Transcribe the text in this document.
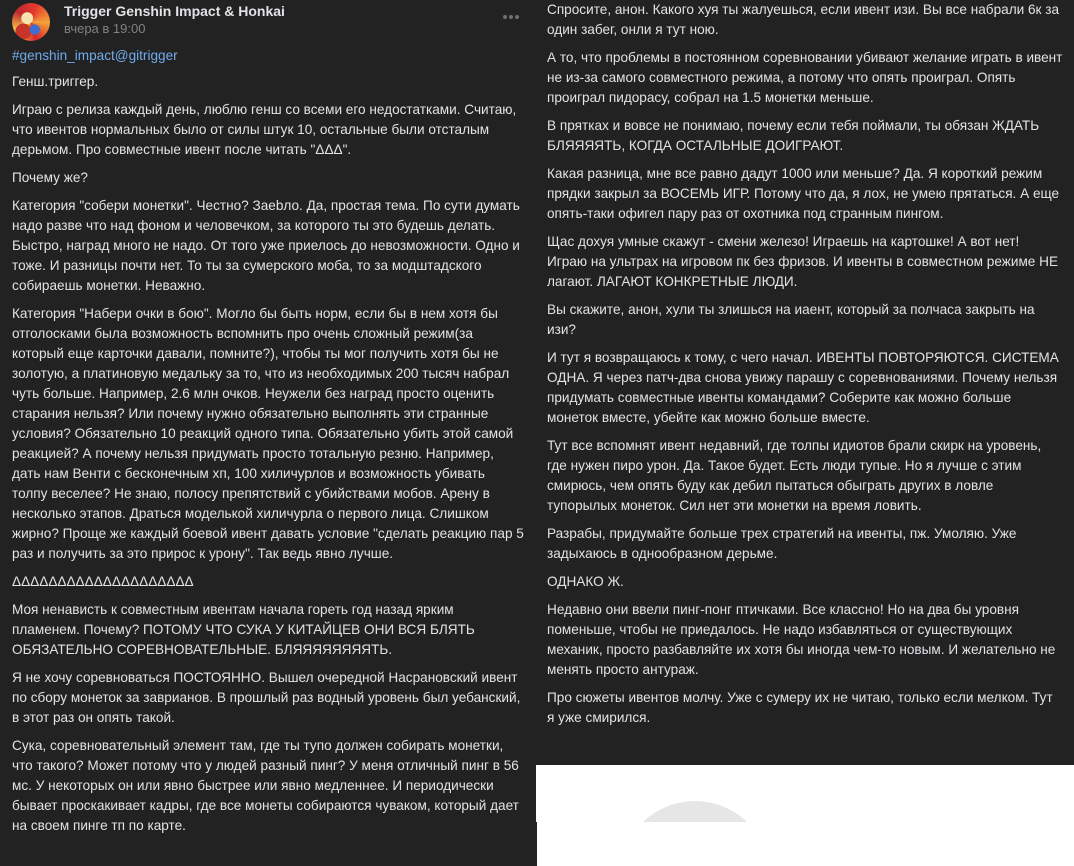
Trigger Genshin Impact & Honkai
вчера в 19:00

#genshin_impact@gitrigger

Генш.триггер.

Играю с релиза каждый день, люблю генш со всеми его недостатками. Считаю, что ивентов нормальных было от силы штук 10, остальные были отсталым дерьмом. Про совместные ивент после читать "ΔΔΔ".

Почему же?

Категория "собери монетки". Честно? Заebло. Да, простая тема. По сути думать надо разве что над фоном и человечком, за которого ты это будешь делать. Быстро, наград много не надо. От того уже приелось до невозможности. Одно и тоже. И разницы почти нет. То ты за сумерского моба, то за модштадского собираешь монетки. Неважно.

Категория "Набери очки в бою". Могло бы быть норм, если бы в нем хотя бы отголосками была возможность вспомнить про очень сложный режим(за который еще карточки давали, помните?), чтобы ты мог получить хотя бы не золотую, а платиновую медальку за то, что из необходимых 200 тысяч набрал чуть больше. Например, 2.6 млн очков. Неужели без наград просто оценить старания нельзя? Или почему нужно обязательно выполнять эти странные условия? Обязательно 10 реакций одного типа. Обязательно убить этой самой реакцией? А почему нельзя придумать просто тотальную резню. Например, дать нам Венти с бесконечным хп, 100 хиличурлов и возможность убивать толпу веселее? Не знаю, полосу препятствий с убийствами мобов. Арену в несколько этапов. Драться моделькой хиличурла о первого лица. Слишком жирно? Проще же каждый боевой ивент давать условие "сделать реакцию пар 5 раз и получить за это прирос к урону". Так ведь явно лучше.

ΔΔΔΔΔΔΔΔΔΔΔΔΔΔΔΔΔΔΔΔ

Моя ненависть к совместным ивентам начала гореть год назад ярким пламенем. Почему? ПОТОМУ ЧТО СУКА У КИТАЙЦЕВ ОНИ ВСЯ БЛЯТЬ ОБЯЗАТЕЛЬНО СОРЕВНОВАТЕЛЬНЫЕ. БЛЯЯЯЯЯЯЯЯТЬ.

Я не хочу соревноваться ПОСТОЯННО. Вышел очередной Насрановский ивент по сбору монеток за заврианов. В прошлый раз водный уровень был уебанский, в этот раз он опять такой.

Сука, соревновательный элемент там, где ты тупо должен собирать монетки, что такого? Может потому что у людей разный пинг? У меня отличный пинг в 56 мс. У некоторых он или явно быстрее или явно медленнее. И периодически бывает проскакивает кадры, где все монеты собираются чуваком, который дает на своем пинге тп по карте.

Спросите, анон. Какого хуя ты жалуешься, если ивент изи. Вы все набрали 6к за один забег, онли я тут ною.

А то, что проблемы в постоянном соревновании убивают желание играть в ивент не из-за самого совместного режима, а потому что опять проиграл. Опять проиграл пидорасу, собрал на 1.5 монетки меньше.

В прятках и вовсе не понимаю, почему если тебя поймали, ты обязан ЖДАТЬ БЛЯЯЯЯТЬ, КОГДА ОСТАЛЬНЫЕ ДОИГРАЮТ.

Какая разница, мне все равно дадут 1000 или меньше? Да. Я короткий режим прядки закрыл за ВОСЕМЬ ИГР. Потому что да, я лох, не умею прятаться. А еще опять-таки офигел пару раз от охотника под странным пингом.

Щас дохуя умные скажут - смени железо! Играешь на картошке! А вот нет! Играю на ультрах на игровом пк без фризов. И ивенты в совместном режиме НЕ лагают. ЛАГАЮТ КОНКРЕТНЫЕ ЛЮДИ.

Вы скажите, анон, хули ты злишься на иаент, который за полчаса закрыть на изи?

И тут я возвращаюсь к тому, с чего начал. ИВЕНТЫ ПОВТОРЯЮТСЯ. СИСТЕМА ОДНА. Я через патч-два снова увижу парашу с соревнованиями. Почему нельзя придумать совместные ивенты командами? Соберите как можно больше монеток вместе, убейте как можно больше вместе.

Тут все вспомнят ивент недавний, где толпы идиотов брали скирк на уровень, где нужен пиро урон. Да. Такое будет. Есть люди тупые. Но я лучше с этим смирюсь, чем опять буду как дебил пытаться обыграть других в ловле тупорылых монеток. Сил нет эти монетки на время ловить.

Разрабы, придумайте больше трех стратегий на ивенты, пж. Умоляю. Уже задыхаюсь в однообразном дерьме.

ОДНАКО Ж.

Недавно они ввели пинг-понг птичками. Все классно! Но на два бы уровня поменьше, чтобы не приедалось. Не надо избавляться от существующих механик, просто разбавляйте их хотя бы иногда чем-то новым. И желательно не менять просто антураж.

Про сюжеты ивентов молчу. Уже с сумеру их не читаю, только если мелком. Тут я уже смирился.
